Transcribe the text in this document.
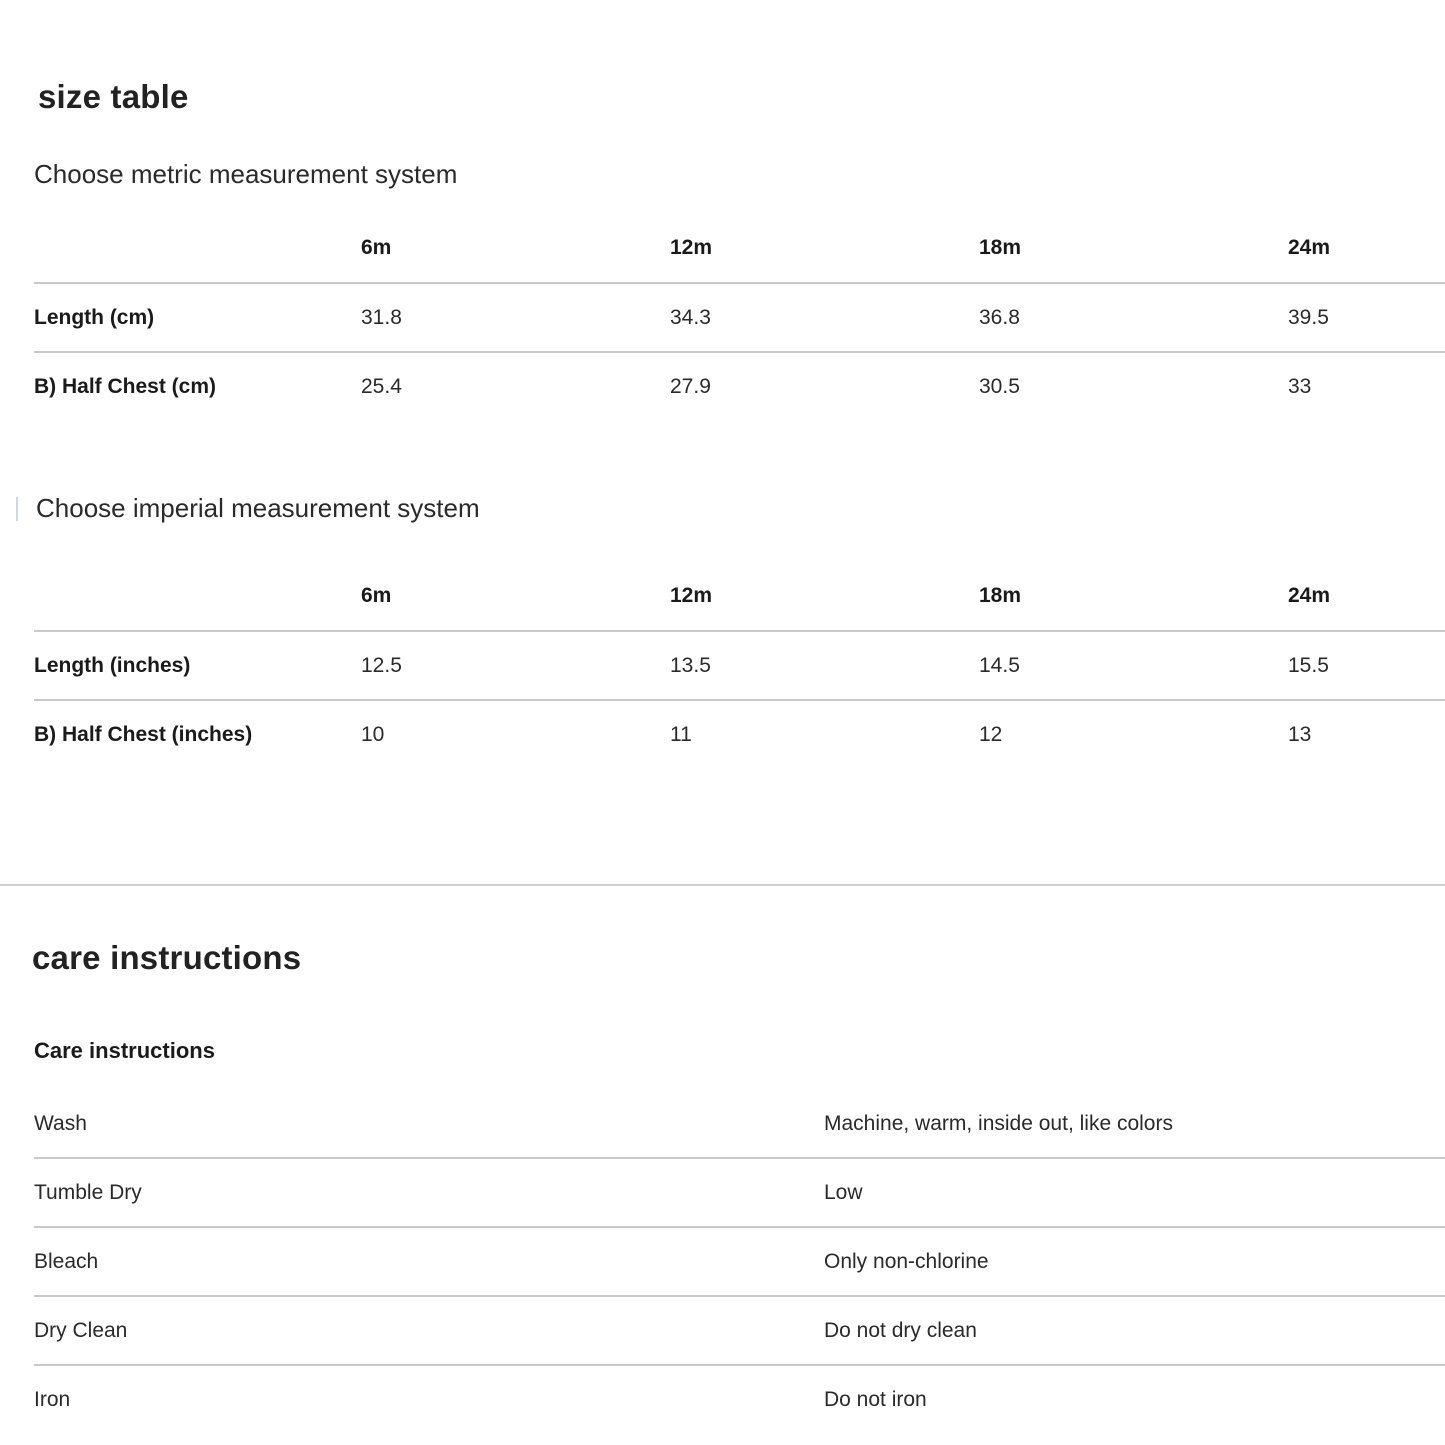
size table
Choose metric measurement system
	6m	12m	18m	24m
Length (cm)	31.8	34.3	36.8	39.5
B) Half Chest (cm)	25.4	27.9	30.5	33
Choose imperial measurement system
	6m	12m	18m	24m
Length (inches)	12.5	13.5	14.5	15.5
B) Half Chest (inches)	10	11	12	13
care instructions
Care instructions
Wash	Machine, warm, inside out, like colors
Tumble Dry	Low
Bleach	Only non-chlorine
Dry Clean	Do not dry clean
Iron	Do not iron
